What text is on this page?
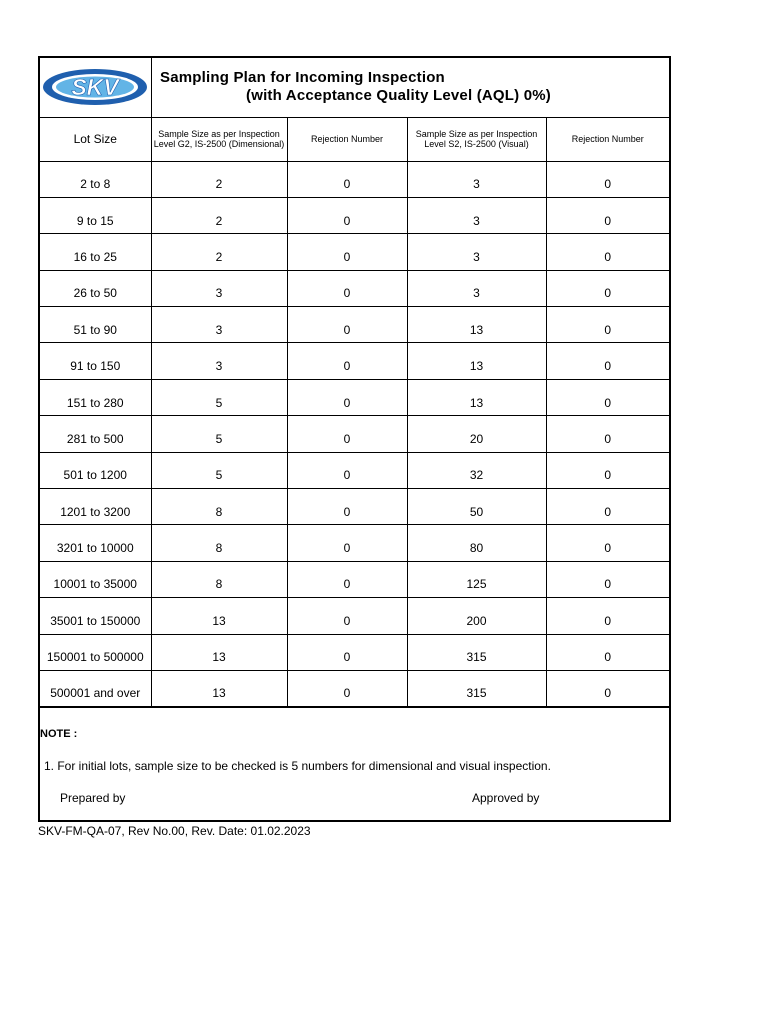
SKV	Sampling Plan for Incoming Inspection
(with Acceptance Quality Level (AQL) 0%)
Lot Size	Sample Size as per Inspection Level G2, IS-2500 (Dimensional)	Rejection Number	Sample Size as per Inspection Level S2, IS-2500 (Visual)	Rejection Number
2 to 8	2	0	3	0
9 to 15	2	0	3	0
16 to 25	2	0	3	0
26 to 50	3	0	3	0
51 to 90	3	0	13	0
91 to 150	3	0	13	0
151 to 280	5	0	13	0
281 to 500	5	0	20	0
501 to 1200	5	0	32	0
1201 to 3200	8	0	50	0
3201 to 10000	8	0	80	0
10001 to 35000	8	0	125	0
35001 to 150000	13	0	200	0
150001 to 500000	13	0	315	0
500001 and over	13	0	315	0
NOTE :
1. For initial lots, sample size to be checked is 5 numbers for dimensional and visual inspection.
Prepared by	Approved by
SKV-FM-QA-07, Rev No.00, Rev. Date: 01.02.2023
